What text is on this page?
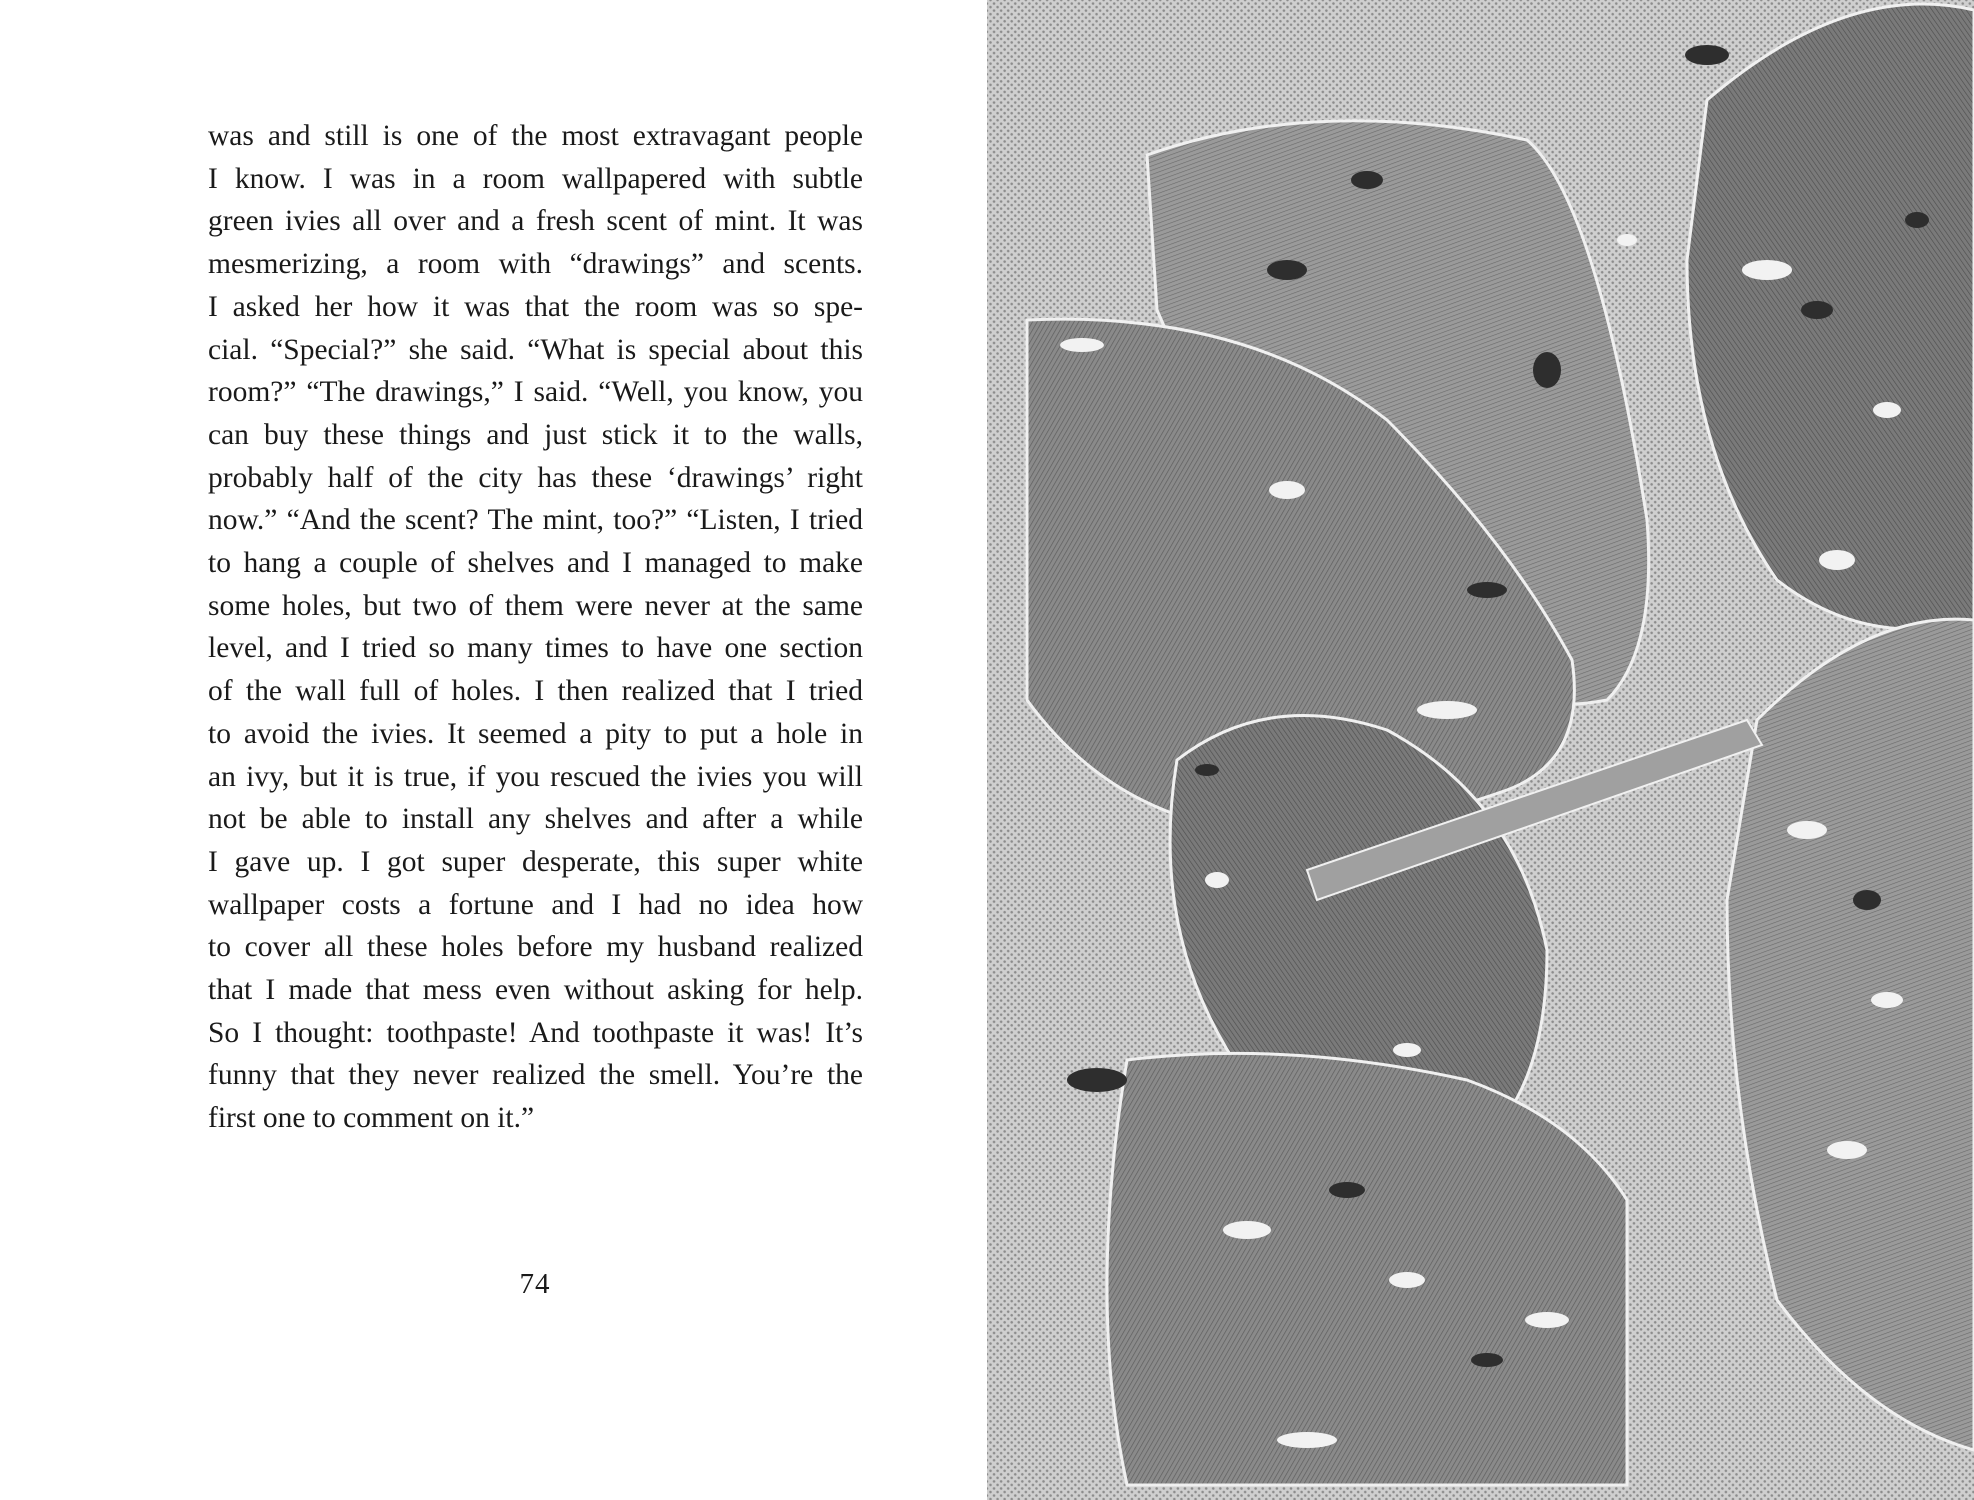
was and still is one of the most extravagant people
I know. I was in a room wallpapered with subtle
green ivies all over and a fresh scent of mint. It was
mesmerizing, a room with “drawings” and scents.
I asked her how it was that the room was so spe-
cial. “Special?” she said. “What is special about this
room?” “The drawings,” I said. “Well, you know, you
can buy these things and just stick it to the walls,
probably half of the city has these ‘drawings’ right
now.” “And the scent? The mint, too?” “Listen, I tried
to hang a couple of shelves and I managed to make
some holes, but two of them were never at the same
level, and I tried so many times to have one section
of the wall full of holes. I then realized that I tried
to avoid the ivies. It seemed a pity to put a hole in
an ivy, but it is true, if you rescued the ivies you will
not be able to install any shelves and after a while
I gave up. I got super desperate, this super white
wallpaper costs a fortune and I had no idea how
to cover all these holes before my husband realized
that I made that mess even without asking for help.
So I thought: toothpaste! And toothpaste it was! It’s
funny that they never realized the smell. You’re the
first one to comment on it.”

74
